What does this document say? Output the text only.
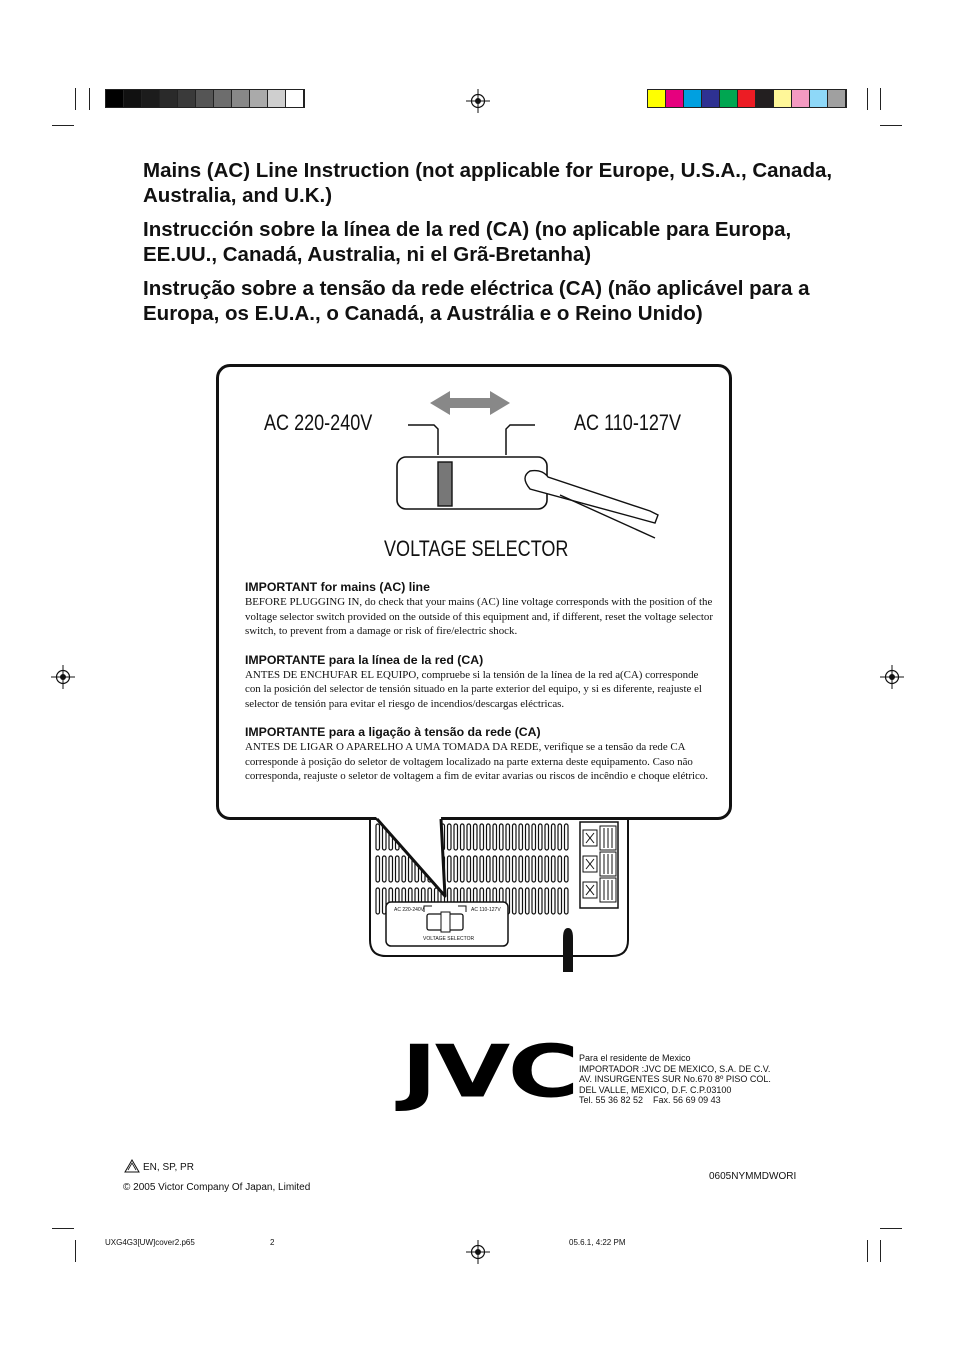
Mains (AC) Line Instruction (not applicable for Europe, U.S.A., Canada, Australia, and U.K.)

Instrucción sobre la línea de la red (CA) (no aplicable para Europa, EE.UU., Canadá, Australia, ni el Grã-Bretanha)

Instrução sobre a tensão da rede eléctrica (CA) (não aplicável para a Europa, os E.U.A., o Canadá, a Austrália e o Reino Unido)

AC 220-240V	AC 110-127V
VOLTAGE SELECTOR
AC 220-240V	AC 110-127V
VOLTAGE SELECTOR
IMPORTANT for mains (AC) line

BEFORE PLUGGING IN, do check that your mains (AC) line voltage corresponds with the position of the voltage selector switch provided on the outside of this equipment and, if different, reset the voltage selector switch, to prevent from a damage or risk of fire/electric shock.

IMPORTANTE para la línea de la red (CA)

ANTES DE ENCHUFAR EL EQUIPO, compruebe si la tensión de la línea de la red a(CA) corresponde con la posición del selector de tensión situado en la parte exterior del equipo, y si es diferente, reajuste el selector de tensión para evitar el riesgo de incendios/descargas eléctricas.

IMPORTANTE para a ligação à tensão da rede (CA)

ANTES DE LIGAR O APARELHO A UMA TOMADA DA REDE, verifique se a tensão da rede CA corresponde à posição do seletor de voltagem localizado na parte externa deste equipamento. Caso não corresponda, reajuste o seletor de voltagem a fim de evitar avarias ou riscos de incêndio e choque elétrico.

JVC Para el residente de Mexico
IMPORTADOR :JVC DE MEXICO, S.A. DE C.V.
AV. INSURGENTES SUR No.670 8º PISO COL.
DEL VALLE, MEXICO, D.F. C.P.03100
Tel. 55 36 82 52    Fax. 56 69 09 43
EN, SP, PR
© 2005 Victor Company Of Japan, Limited
0605NYMMDWORI
UXG4G3[UW]cover2.p65	2	05.6.1, 4:22 PM
